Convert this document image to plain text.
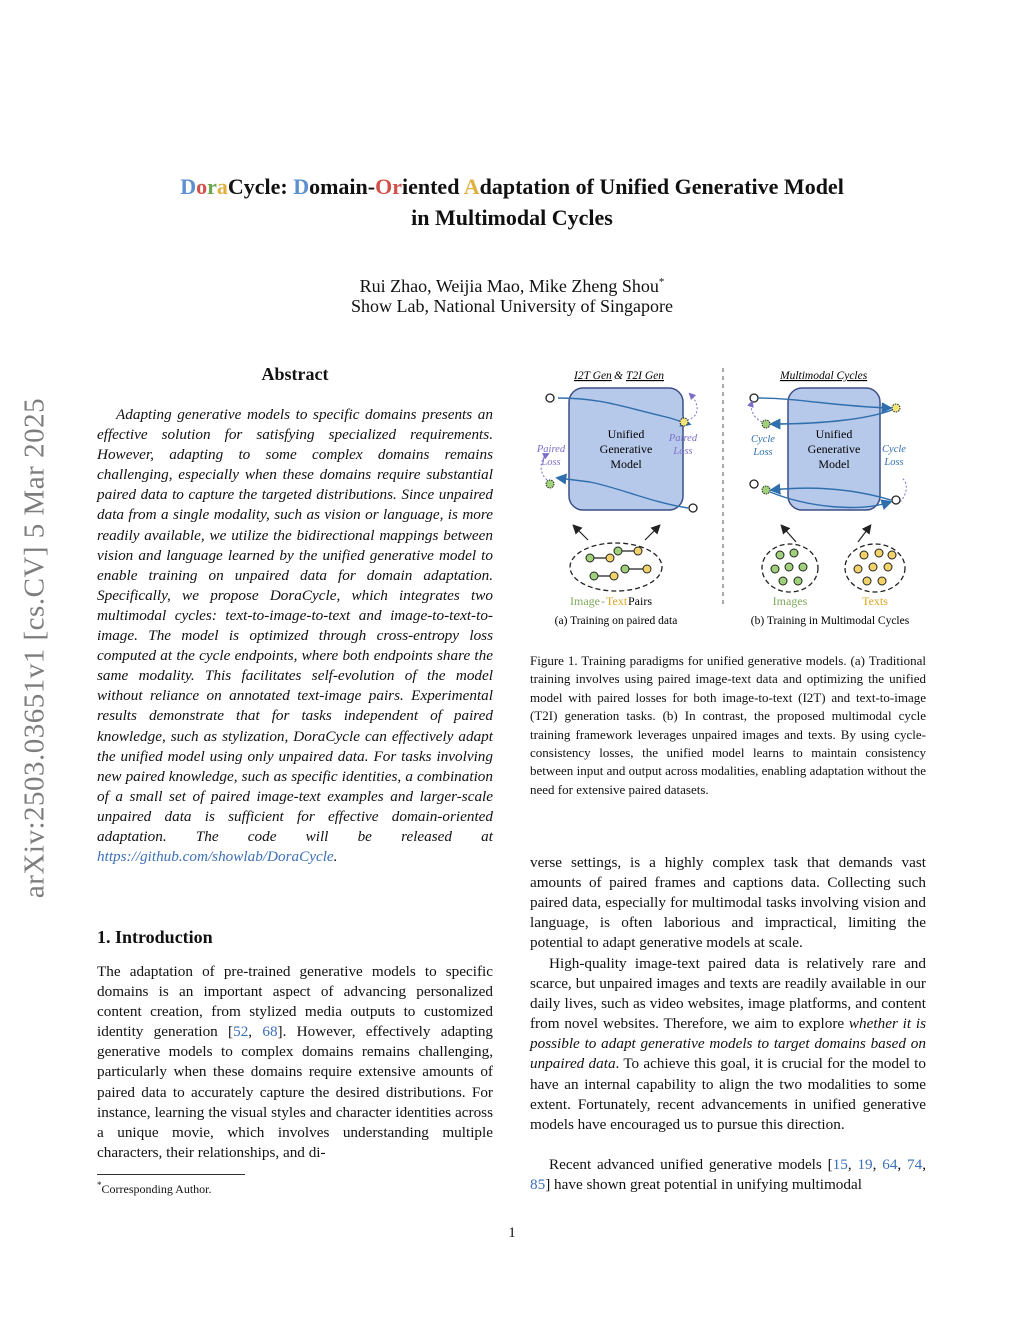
DoraCycle: Domain-Oriented Adaptation of Unified Generative Model
in Multimodal Cycles
Rui Zhao, Weijia Mao, Mike Zheng Shou*
Show Lab, National University of Singapore
arXiv:2503.03651v1 [cs.CV] 5 Mar 2025
Abstract
Adapting generative models to specific domains presents an effective solution for satisfying specialized requirements. However, adapting to some complex domains remains challenging, especially when these domains require substantial paired data to capture the targeted distributions. Since unpaired data from a single modality, such as vision or language, is more readily available, we utilize the bidirectional mappings between vision and language learned by the unified generative model to enable training on unpaired data for domain adaptation. Specifically, we propose DoraCycle, which integrates two multimodal cycles: text-to-image-to-text and image-to-text-to-image. The model is optimized through cross-entropy loss computed at the cycle endpoints, where both endpoints share the same modality. This facilitates self-evolution of the model without reliance on annotated text-image pairs. Experimental results demonstrate that for tasks independent of paired knowledge, such as stylization, DoraCycle can effectively adapt the unified model using only unpaired data. For tasks involving new paired knowledge, such as specific identities, a combination of a small set of paired image-text examples and larger-scale unpaired data is sufficient for effective domain-oriented adaptation. The code will be released at https://github.com/showlab/DoraCycle.
1. Introduction
The adaptation of pre-trained generative models to specific domains is an important aspect of advancing personalized content creation, from stylized media outputs to customized identity generation [52, 68]. However, effectively adapting generative models to complex domains remains challenging, particularly when these domains require extensive amounts of paired data to accurately capture the desired distributions. For instance, learning the visual styles and character identities across a unique movie, which involves understanding multiple characters, their relationships, and di-
*Corresponding Author.
I2T Gen & T2I Gen	Multimodal Cycles
Unified
Generative
Model
Paired
Loss
Paired
Loss
Image - Text Pairs
(a) Training on paired data
Unified
Generative
Model
Cycle
Loss	Cycle
Loss
Images	Texts
(b) Training in Multimodal Cycles
Figure 1. Training paradigms for unified generative models. (a) Traditional training involves using paired image-text data and optimizing the unified model with paired losses for both image-to-text (I2T) and text-to-image (T2I) generation tasks. (b) In contrast, the proposed multimodal cycle training framework leverages unpaired images and texts. By using cycle-consistency losses, the unified model learns to maintain consistency between input and output across modalities, enabling adaptation without the need for extensive paired datasets.
verse settings, is a highly complex task that demands vast amounts of paired frames and captions data. Collecting such paired data, especially for multimodal tasks involving vision and language, is often laborious and impractical, limiting the potential to adapt generative models at scale.
High-quality image-text paired data is relatively rare and scarce, but unpaired images and texts are readily available in our daily lives, such as video websites, image platforms, and content from novel websites. Therefore, we aim to explore whether it is possible to adapt generative models to target domains based on unpaired data. To achieve this goal, it is crucial for the model to have an internal capability to align the two modalities to some extent. Fortunately, recent advancements in unified generative models have encouraged us to pursue this direction.
Recent advanced unified generative models [15, 19, 64, 74, 85] have shown great potential in unifying multimodal
1
